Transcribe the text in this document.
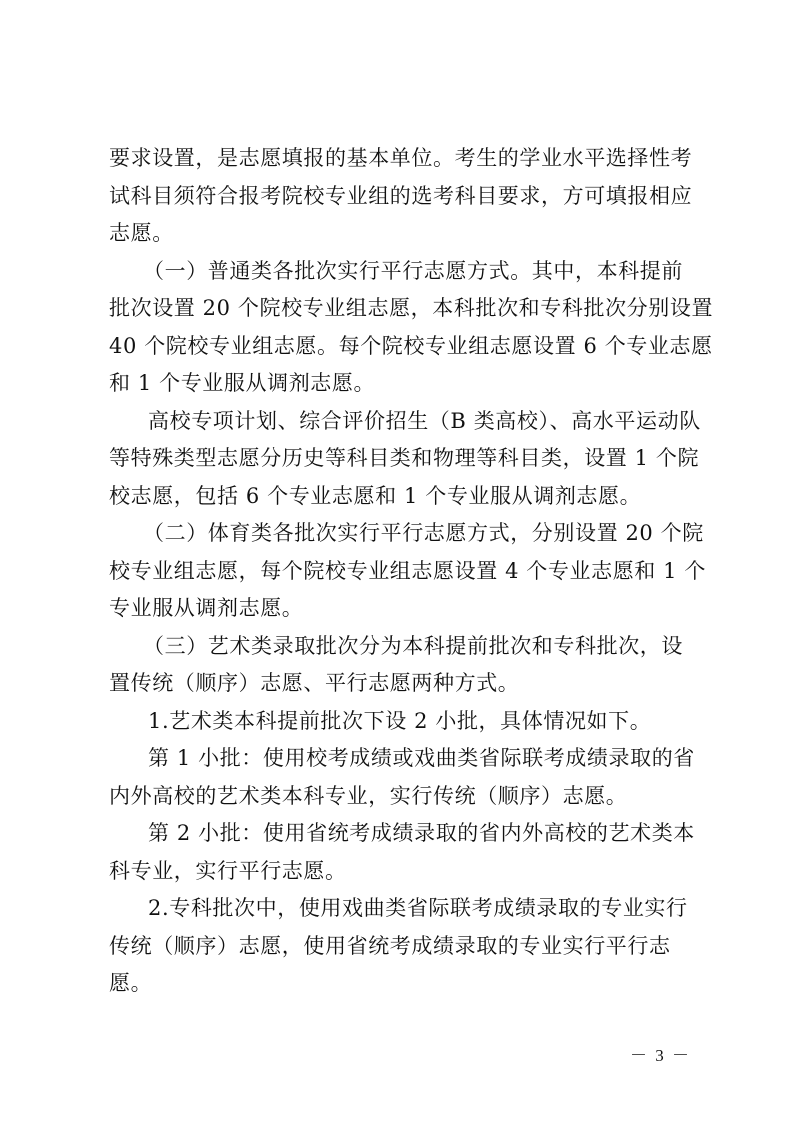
要求设置，是志愿填报的基本单位。考生的学业水平选择性考
试科目须符合报考院校专业组的选考科目要求，方可填报相应
志愿。
（一）普通类各批次实行平行志愿方式。其中，本科提前
批次设置 20 个院校专业组志愿，本科批次和专科批次分别设置
40 个院校专业组志愿。每个院校专业组志愿设置 6 个专业志愿
和 1 个专业服从调剂志愿。
高校专项计划、综合评价招生（B 类高校）、高水平运动队
等特殊类型志愿分历史等科目类和物理等科目类，设置 1 个院
校志愿，包括 6 个专业志愿和 1 个专业服从调剂志愿。
（二）体育类各批次实行平行志愿方式，分别设置 20 个院
校专业组志愿，每个院校专业组志愿设置 4 个专业志愿和 1 个
专业服从调剂志愿。
（三）艺术类录取批次分为本科提前批次和专科批次，设
置传统（顺序）志愿、平行志愿两种方式。
1.艺术类本科提前批次下设 2 小批，具体情况如下。
第 1 小批：使用校考成绩或戏曲类省际联考成绩录取的省
内外高校的艺术类本科专业，实行传统（顺序）志愿。
第 2 小批：使用省统考成绩录取的省内外高校的艺术类本
科专业，实行平行志愿。
2.专科批次中，使用戏曲类省际联考成绩录取的专业实行
传统（顺序）志愿，使用省统考成绩录取的专业实行平行志
愿。
－ 3 －
